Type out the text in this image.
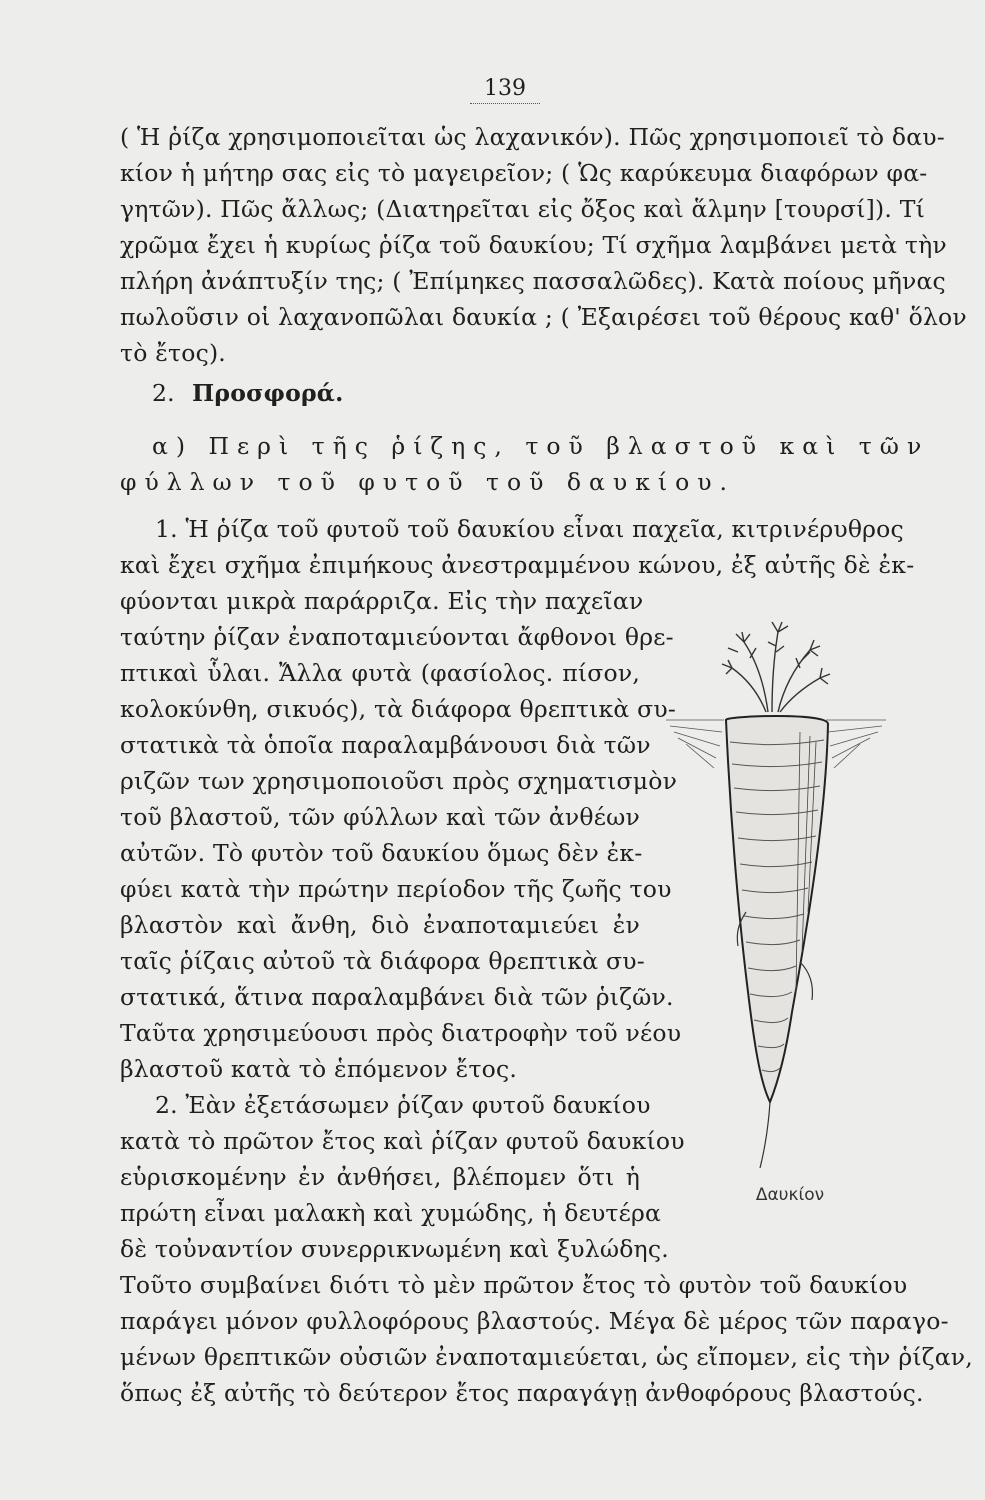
139
( Ἡ ῥίζα χρησιμοποιεῖται ὡς λαχανικόν). Πῶς χρησιμοποιεῖ τὸ δαυ-
κίον ἡ μήτηρ σας εἰς τὸ μαγειρεῖον; ( Ὡς καρύκευμα διαφόρων φα-
γητῶν). Πῶς ἄλλως; (Διατηρεῖται εἰς ὄξος καὶ ἅλμην [τουρσί]). Τί
χρῶμα ἔχει ἡ κυρίως ῥίζα τοῦ δαυκίου; Τί σχῆμα λαμβάνει μετὰ τὴν
πλήρη ἀνάπτυξίν της; ( Ἐπίμηκες πασσαλῶδες). Κατὰ ποίους μῆνας
πωλοῦσιν οἱ λαχανοπῶλαι δαυκία ; ( Ἐξαιρέσει τοῦ θέρους καθ' ὅλον
τὸ ἔτος).
2. Προσφορά.
α) Περὶ τῆς ῥίζης, τοῦ βλαστοῦ καὶ τῶν
φύλλων τοῦ φυτοῦ τοῦ δαυκίου.
1. Ἡ ῥίζα τοῦ φυτοῦ τοῦ δαυκίου εἶναι παχεῖα, κιτρινέρυθρος
καὶ ἔχει σχῆμα ἐπιμήκους ἀνεστραμμένου κώνου, ἐξ αὐτῆς δὲ ἐκ-
φύονται μικρὰ παράρριζα. Εἰς τὴν παχεῖαν
ταύτην ῥίζαν ἐναποταμιεύονται ἄφθονοι θρε-
πτικαὶ ὗλαι. Ἄλλα φυτὰ (φασίολος. πίσον,
κολοκύνθη, σικυός), τὰ διάφορα θρεπτικὰ συ-
στατικὰ τὰ ὁποῖα παραλαμβάνουσι διὰ τῶν
ριζῶν των χρησιμοποιοῦσι πρὸς σχηματισμὸν
τοῦ βλαστοῦ, τῶν φύλλων καὶ τῶν ἀνθέων
αὐτῶν. Τὸ φυτὸν τοῦ δαυκίου ὅμως δὲν ἐκ-
φύει κατὰ τὴν πρώτην περίοδον τῆς ζωῆς του
βλαστὸν καὶ ἄνθη, διὸ ἐναποταμιεύει ἐν
ταῖς ῥίζαις αὐτοῦ τὰ διάφορα θρεπτικὰ συ-
στατικά, ἅτινα παραλαμβάνει διὰ τῶν ῥιζῶν.
Ταῦτα χρησιμεύουσι πρὸς διατροφὴν τοῦ νέου
βλαστοῦ κατὰ τὸ ἑπόμενον ἔτος.
2. Ἐὰν ἐξετάσωμεν ῥίζαν φυτοῦ δαυκίου
κατὰ τὸ πρῶτον ἔτος καὶ ῥίζαν φυτοῦ δαυκίου
εὑρισκομένην ἐν ἀνθήσει, βλέπομεν ὅτι ἡ
πρώτη εἶναι μαλακὴ καὶ χυμώδης, ἡ δευτέρα
δὲ τοὐναντίον συνερρικνωμένη καὶ ξυλώδης.
Τοῦτο συμβαίνει διότι τὸ μὲν πρῶτον ἔτος τὸ φυτὸν τοῦ δαυκίου
παράγει μόνον φυλλοφόρους βλαστούς. Μέγα δὲ μέρος τῶν παραγο-
μένων θρεπτικῶν οὐσιῶν ἐναποταμιεύεται, ὡς εἴπομεν, εἰς τὴν ῥίζαν,
ὅπως ἐξ αὐτῆς τὸ δεύτερον ἔτος παραγάγῃ ἀνθοφόρους βλαστούς.
Δαυκίον
